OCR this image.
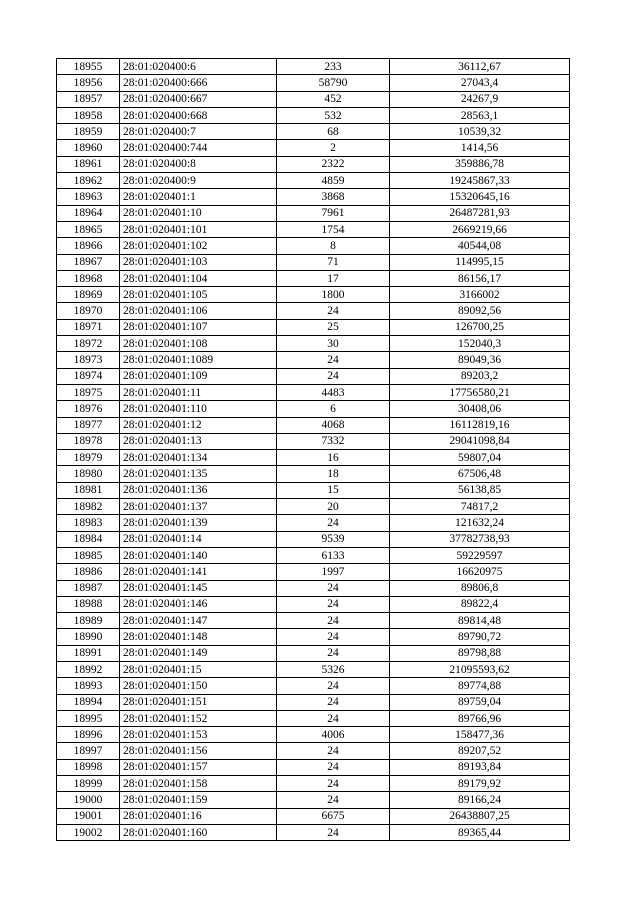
18955	28:01:020400:6	233	36112,67
18956	28:01:020400:666	58790	27043,4
18957	28:01:020400:667	452	24267,9
18958	28:01:020400:668	532	28563,1
18959	28:01:020400:7	68	10539,32
18960	28:01:020400:744	2	1414,56
18961	28:01:020400:8	2322	359886,78
18962	28:01:020400:9	4859	19245867,33
18963	28:01:020401:1	3868	15320645,16
18964	28:01:020401:10	7961	26487281,93
18965	28:01:020401:101	1754	2669219,66
18966	28:01:020401:102	8	40544,08
18967	28:01:020401:103	71	114995,15
18968	28:01:020401:104	17	86156,17
18969	28:01:020401:105	1800	3166002
18970	28:01:020401:106	24	89092,56
18971	28:01:020401:107	25	126700,25
18972	28:01:020401:108	30	152040,3
18973	28:01:020401:1089	24	89049,36
18974	28:01:020401:109	24	89203,2
18975	28:01:020401:11	4483	17756580,21
18976	28:01:020401:110	6	30408,06
18977	28:01:020401:12	4068	16112819,16
18978	28:01:020401:13	7332	29041098,84
18979	28:01:020401:134	16	59807,04
18980	28:01:020401:135	18	67506,48
18981	28:01:020401:136	15	56138,85
18982	28:01:020401:137	20	74817,2
18983	28:01:020401:139	24	121632,24
18984	28:01:020401:14	9539	37782738,93
18985	28:01:020401:140	6133	59229597
18986	28:01:020401:141	1997	16620975
18987	28:01:020401:145	24	89806,8
18988	28:01:020401:146	24	89822,4
18989	28:01:020401:147	24	89814,48
18990	28:01:020401:148	24	89790,72
18991	28:01:020401:149	24	89798,88
18992	28:01:020401:15	5326	21095593,62
18993	28:01:020401:150	24	89774,88
18994	28:01:020401:151	24	89759,04
18995	28:01:020401:152	24	89766,96
18996	28:01:020401:153	4006	158477,36
18997	28:01:020401:156	24	89207,52
18998	28:01:020401:157	24	89193,84
18999	28:01:020401:158	24	89179,92
19000	28:01:020401:159	24	89166,24
19001	28:01:020401:16	6675	26438807,25
19002	28:01:020401:160	24	89365,44
